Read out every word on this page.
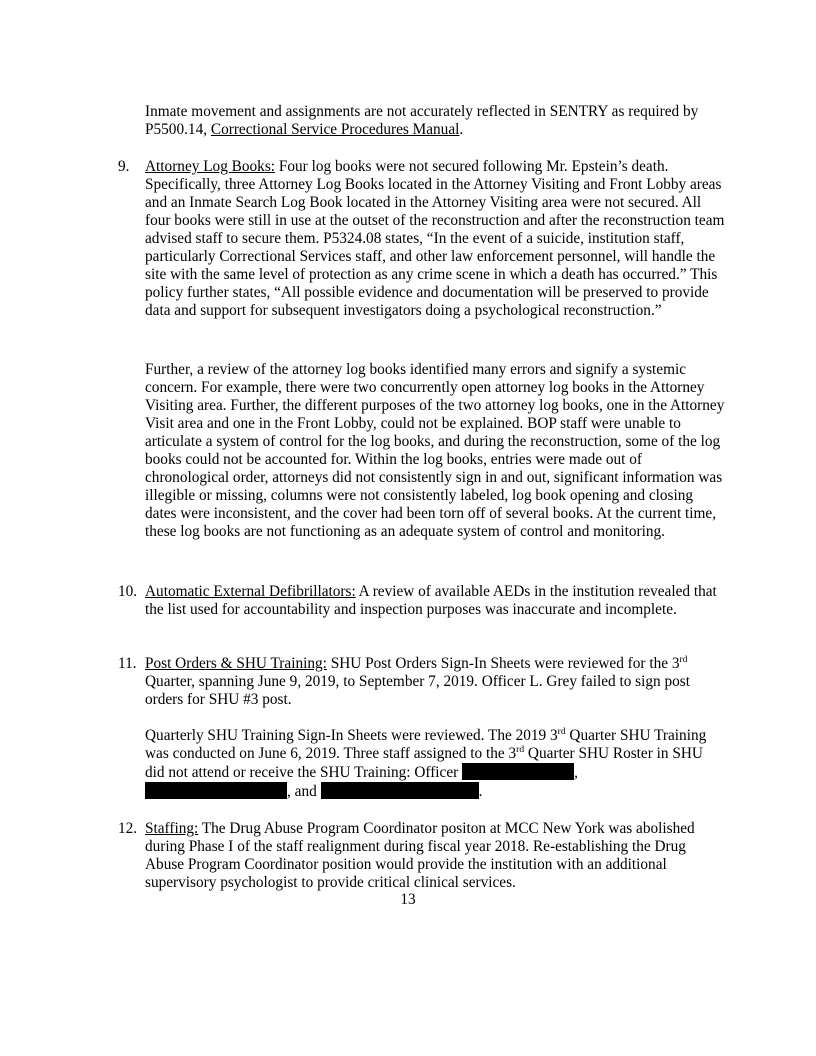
Inmate movement and assignments are not accurately reflected in SENTRY as required by P5500.14, Correctional Service Procedures Manual.

9. Attorney Log Books: Four log books were not secured following Mr. Epstein’s death. Specifically, three Attorney Log Books located in the Attorney Visiting and Front Lobby areas and an Inmate Search Log Book located in the Attorney Visiting area were not secured. All four books were still in use at the outset of the reconstruction and after the reconstruction team advised staff to secure them. P5324.08 states, “In the event of a suicide, institution staff, particularly Correctional Services staff, and other law enforcement personnel, will handle the site with the same level of protection as any crime scene in which a death has occurred.” This policy further states, “All possible evidence and documentation will be preserved to provide data and support for subsequent investigators doing a psychological reconstruction.”

Further, a review of the attorney log books identified many errors and signify a systemic concern. For example, there were two concurrently open attorney log books in the Attorney Visiting area. Further, the different purposes of the two attorney log books, one in the Attorney Visit area and one in the Front Lobby, could not be explained. BOP staff were unable to articulate a system of control for the log books, and during the reconstruction, some of the log books could not be accounted for. Within the log books, entries were made out of chronological order, attorneys did not consistently sign in and out, significant information was illegible or missing, columns were not consistently labeled, log book opening and closing dates were inconsistent, and the cover had been torn off of several books. At the current time, these log books are not functioning as an adequate system of control and monitoring.

10. Automatic External Defibrillators: A review of available AEDs in the institution revealed that the list used for accountability and inspection purposes was inaccurate and incomplete.

11. Post Orders & SHU Training: SHU Post Orders Sign-In Sheets were reviewed for the 3rd Quarter, spanning June 9, 2019, to September 7, 2019. Officer L. Grey failed to sign post orders for SHU #3 post.

Quarterly SHU Training Sign-In Sheets were reviewed. The 2019 3rd Quarter SHU Training was conducted on June 6, 2019. Three staff assigned to the 3rd Quarter SHU Roster in SHU did not attend or receive the SHU Training: Officer	,
, and	.

12. Staffing: The Drug Abuse Program Coordinator positon at MCC New York was abolished during Phase I of the staff realignment during fiscal year 2018. Re-establishing the Drug Abuse Program Coordinator position would provide the institution with an additional supervisory psychologist to provide critical clinical services.

13
